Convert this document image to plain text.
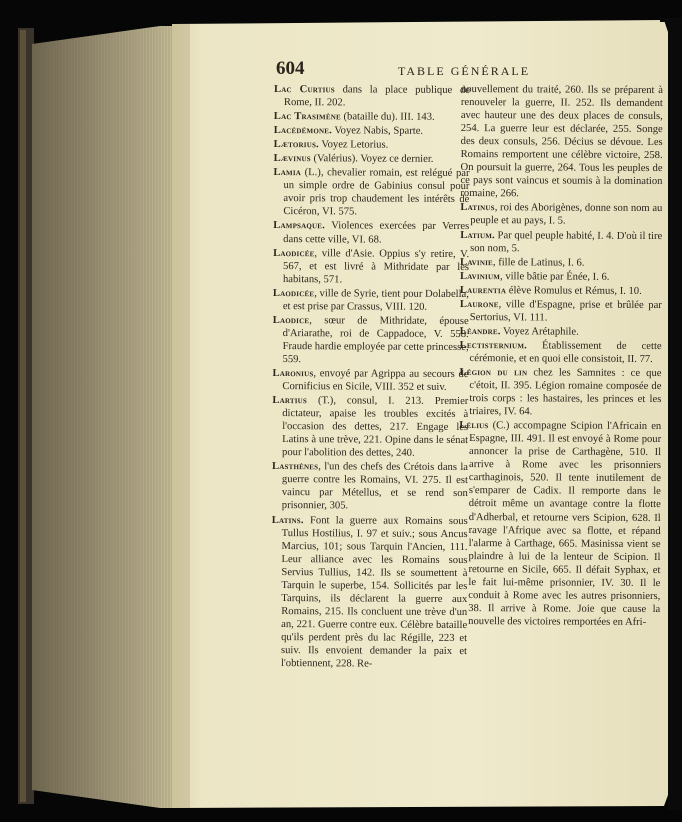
604	TABLE GÉNÉRALE
Lac Curtius dans la place publique de Rome, II. 202.
Lac Trasimène (bataille du). III. 143.
Lacédémone. Voyez Nabis, Sparte.
Lætorius. Voyez Letorius.
Lævinus (Valérius). Voyez ce dernier.
Lamia (L.), chevalier romain, est relégué par un simple ordre de Gabinius consul pour avoir pris trop chaudement les intérêts de Cicéron, VI. 575.
Lampsaque. Violences exercées par Verres dans cette ville, VI. 68.
Laodicée, ville d'Asie. Oppius s'y retire, V. 567, et est livré à Mithridate par les habitans, 571.
Laodicée, ville de Syrie, tient pour Dolabella, et est prise par Crassus, VIII. 120.
Laodice, sœur de Mithridate, épouse d'Ariarathe, roi de Cappadoce, V. 558. Fraude hardie employée par cette princesse, 559.
Laronius, envoyé par Agrippa au secours de Cornificius en Sicile, VIII. 352 et suiv.
Lartius (T.), consul, I. 213. Premier dictateur, apaise les troubles excités à l'occasion des dettes, 217. Engage les Latins à une trève, 221. Opine dans le sénat pour l'abolition des dettes, 240.
Lasthènes, l'un des chefs des Crétois dans la guerre contre les Romains, VI. 275. Il est vaincu par Métellus, et se rend son prisonnier, 305.
Latins. Font la guerre aux Romains sous Tullus Hostilius, I. 97 et suiv.; sous Ancus Marcius, 101; sous Tarquin l'Ancien, 111. Leur alliance avec les Romains sous Servius Tullius, 142. Ils se soumettent à Tarquin le superbe, 154. Sollicités par les Tarquins, ils déclarent la guerre aux Romains, 215. Ils concluent une trève d'un an, 221. Guerre contre eux. Célèbre bataille qu'ils perdent près du lac Régille, 223 et suiv. Ils envoient demander la paix et l'obtiennent, 228. Re-
nouvellement du traité, 260. Ils se préparent à renouveler la guerre, II. 252. Ils demandent avec hauteur une des deux places de consuls, 254. La guerre leur est déclarée, 255. Songe des deux consuls, 256. Décius se dévoue. Les Romains remportent une célèbre victoire, 258. On poursuit la guerre, 264. Tous les peuples de ce pays sont vaincus et soumis à la domination romaine, 266.
Latinus, roi des Aborigènes, donne son nom au peuple et au pays, I. 5.
Latium. Par quel peuple habité, I. 4. D'où il tire son nom, 5.
Lavinie, fille de Latinus, I. 6.
Lavinium, ville bâtie par Énée, I. 6.
Laurentia élève Romulus et Rémus, I. 10.
Laurone, ville d'Espagne, prise et brûlée par Sertorius, VI. 111.
Léandre. Voyez Arétaphile.
Lectisternium. Établissement de cette cérémonie, et en quoi elle consistoit, II. 77.
Légion du lin chez les Samnites : ce que c'étoit, II. 395. Légion romaine composée de trois corps : les hastaires, les princes et les triaires, IV. 64.
Lélius (C.) accompagne Scipion l'Africain en Espagne, III. 491. Il est envoyé à Rome pour annoncer la prise de Carthagène, 510. Il arrive à Rome avec les prisonniers carthaginois, 520. Il tente inutilement de s'emparer de Cadix. Il remporte dans le détroit même un avantage contre la flotte d'Adherbal, et retourne vers Scipion, 628. Il ravage l'Afrique avec sa flotte, et répand l'alarme à Carthage, 665. Masinissa vient se plaindre à lui de la lenteur de Scipion. Il retourne en Sicile, 665. Il défait Syphax, et le fait lui-même prisonnier, IV. 30. Il le conduit à Rome avec les autres prisonniers, 38. Il arrive à Rome. Joie que cause la nouvelle des victoires remportées en Afri-
